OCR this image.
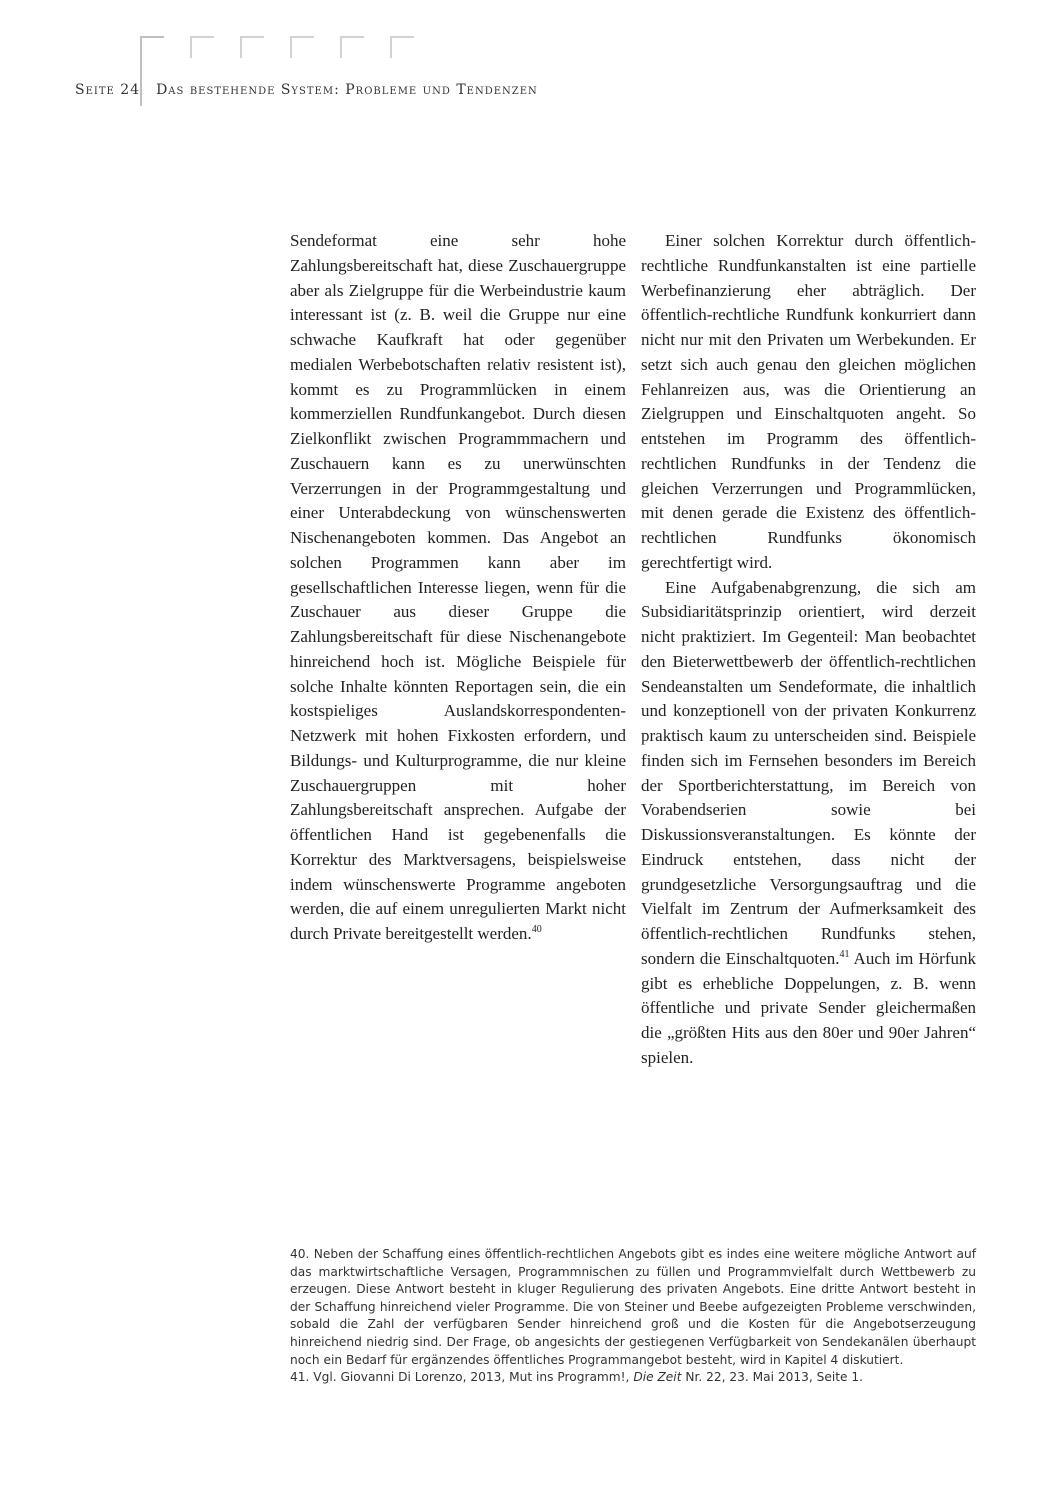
Seite 24 Das bestehende System: Probleme und Tendenzen

Sendeformat eine sehr hohe Zahlungsbereitschaft hat, diese Zuschauergruppe aber als Zielgruppe für die Werbeindustrie kaum interessant ist (z. B. weil die Gruppe nur eine schwache Kaufkraft hat oder gegenüber medialen Werbebotschaften relativ resistent ist), kommt es zu Programmlücken in einem kommerziellen Rundfunkangebot. Durch diesen Zielkonflikt zwischen Programmmachern und Zuschauern kann es zu unerwünschten Verzerrungen in der Programmgestaltung und einer Unterabdeckung von wünschenswerten Nischenangeboten kommen. Das Angebot an solchen Programmen kann aber im gesellschaftlichen Interesse liegen, wenn für die Zuschauer aus dieser Gruppe die Zahlungsbereitschaft für diese Nischenangebote hinreichend hoch ist. Mögliche Beispiele für solche Inhalte könnten Reportagen sein, die ein kostspieliges Auslandskorrespondenten-Netzwerk mit hohen Fixkosten erfordern, und Bildungs- und Kulturprogramme, die nur kleine Zuschauergruppen mit hoher Zahlungsbereitschaft ansprechen. Aufgabe der öffentlichen Hand ist gegebenenfalls die Korrektur des Marktversagens, beispielsweise indem wünschenswerte Programme angeboten werden, die auf einem unregulierten Markt nicht durch Private bereitgestellt werden.$^{40}$

Einer solchen Korrektur durch öffentlich-rechtliche Rundfunkanstalten ist eine partielle Werbefinanzierung eher abträglich. Der öffentlich-rechtliche Rundfunk konkurriert dann nicht nur mit den Privaten um Werbekunden. Er setzt sich auch genau den gleichen möglichen Fehlanreizen aus, was die Orientierung an Zielgruppen und Einschaltquoten angeht. So entstehen im Programm des öffentlich-rechtlichen Rundfunks in der Tendenz die gleichen Verzerrungen und Programmlücken, mit denen gerade die Existenz des öffentlich-rechtlichen Rundfunks ökonomisch gerechtfertigt wird.

Eine Aufgabenabgrenzung, die sich am Subsidiaritätsprinzip orientiert, wird derzeit nicht praktiziert. Im Gegenteil: Man beobachtet den Bieterwettbewerb der öffentlich-rechtlichen Sendeanstalten um Sendeformate, die inhaltlich und konzeptionell von der privaten Konkurrenz praktisch kaum zu unterscheiden sind. Beispiele finden sich im Fernsehen besonders im Bereich der Sportberichterstattung, im Bereich von Vorabendserien sowie bei Diskussionsveranstaltungen. Es könnte der Eindruck entstehen, dass nicht der grundgesetzliche Versorgungsauftrag und die Vielfalt im Zentrum der Aufmerksamkeit des öffentlich-rechtlichen Rundfunks stehen, sondern die Einschaltquoten.$^{41}$ Auch im Hörfunk gibt es erhebliche Doppelungen, z. B. wenn öffentliche und private Sender gleichermaßen die „größten Hits aus den 80er und 90er Jahren“ spielen.

40. Neben der Schaffung eines öffentlich-rechtlichen Angebots gibt es indes eine weitere mögliche Antwort auf das marktwirtschaftliche Versagen, Programmnischen zu füllen und Programmvielfalt durch Wettbewerb zu erzeugen. Diese Antwort besteht in kluger Regulierung des privaten Angebots. Eine dritte Antwort besteht in der Schaffung hinreichend vieler Programme. Die von Steiner und Beebe aufgezeigten Probleme verschwinden, sobald die Zahl der verfügbaren Sender hinreichend groß und die Kosten für die Angebotserzeugung hinreichend niedrig sind. Der Frage, ob angesichts der gestiegenen Verfügbarkeit von Sendekanälen überhaupt noch ein Bedarf für ergänzendes öffentliches Programmangebot besteht, wird in Kapitel 4 diskutiert.

41. Vgl. Giovanni Di Lorenzo, 2013, Mut ins Programm!, Die Zeit Nr. 22, 23. Mai 2013, Seite 1.
